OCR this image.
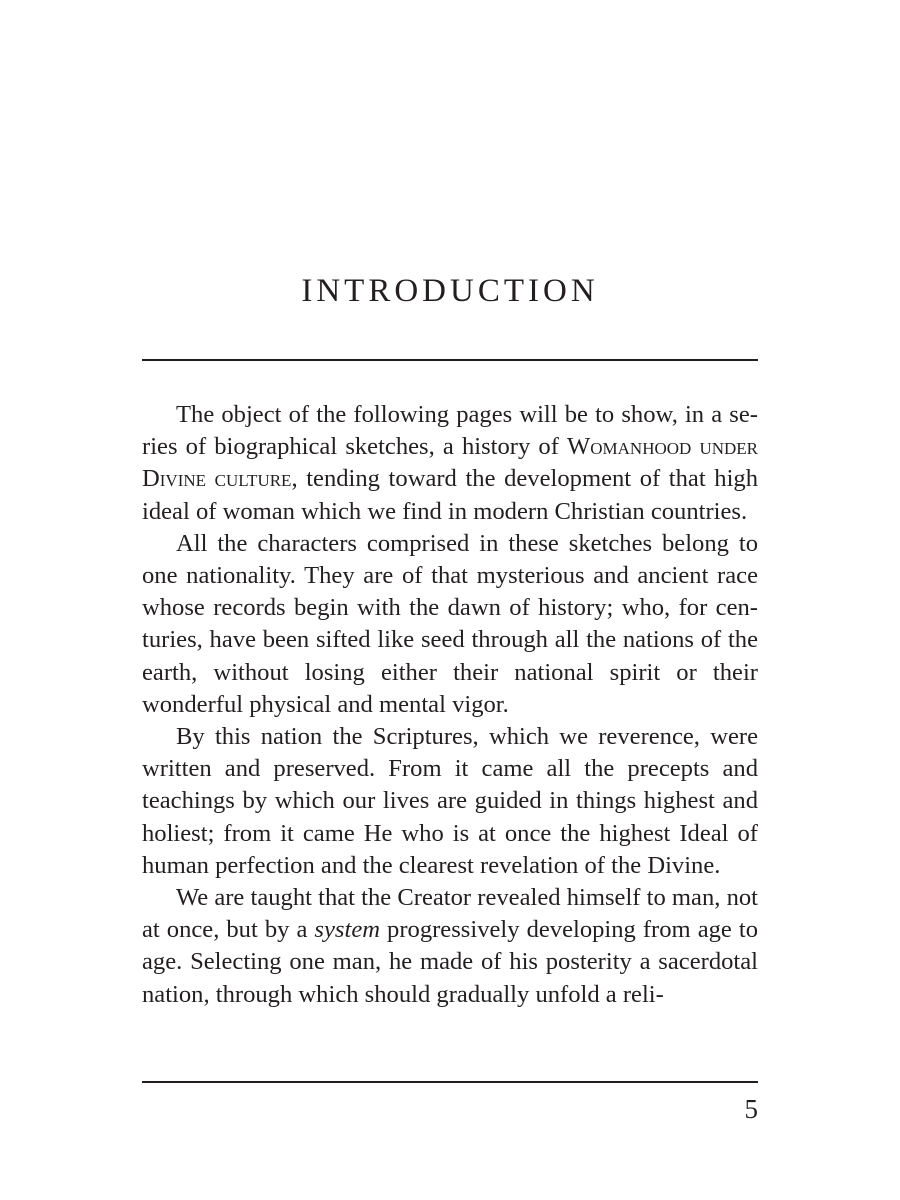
INTRODUCTION

The object of the following pages will be to show, in a series of biographical sketches, a history of Womanhood under Divine culture, tending toward the development of that high ideal of woman which we find in modern Christian countries.

All the characters comprised in these sketches belong to one nationality. They are of that mysterious and ancient race whose records begin with the dawn of history; who, for centuries, have been sifted like seed through all the nations of the earth, without losing either their national spirit or their wonderful physical and mental vigor.

By this nation the Scriptures, which we reverence, were written and preserved. From it came all the precepts and teachings by which our lives are guided in things highest and holiest; from it came He who is at once the highest Ideal of human perfection and the clearest revelation of the Divine.

We are taught that the Creator revealed himself to man, not at once, but by a system progressively developing from age to age. Selecting one man, he made of his posterity a sacerdotal nation, through which should gradually unfold a reli-

5
